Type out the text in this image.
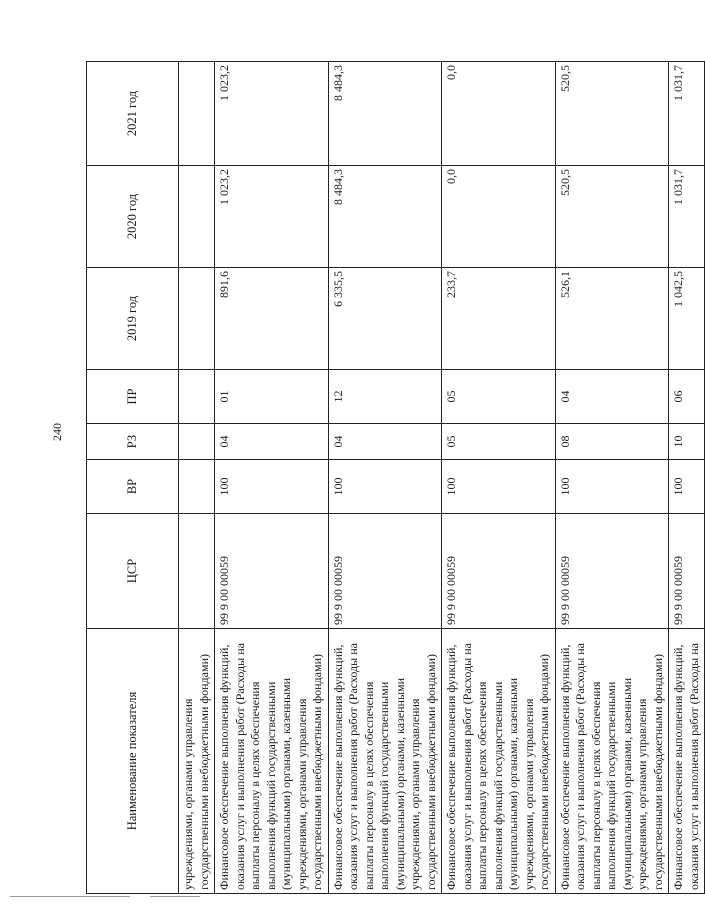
240
Наименование показателя	ЦСР	ВР	РЗ	ПР	2019 год	2020 год	2021 год
учреждениями, органами управления государственными внебюджетными фондами)							
Финансовое обеспечение выполнения функций, оказания услуг и выполнения работ (Расходы на выплаты персоналу в целях обеспечения выполнения функций государственными (муниципальными) органами, казенными учреждениями, органами управления государственными внебюджетными фондами)	99 9 00 00059	100	04	01	891,6	1 023,2	1 023,2
Финансовое обеспечение выполнения функций, оказания услуг и выполнения работ (Расходы на выплаты персоналу в целях обеспечения выполнения функций государственными (муниципальными) органами, казенными учреждениями, органами управления государственными внебюджетными фондами)	99 9 00 00059	100	04	12	6 335,5	8 484,3	8 484,3
Финансовое обеспечение выполнения функций, оказания услуг и выполнения работ (Расходы на выплаты персоналу в целях обеспечения выполнения функций государственными (муниципальными) органами, казенными учреждениями, органами управления государственными внебюджетными фондами)	99 9 00 00059	100	05	05	233,7	0,0	0,0
Финансовое обеспечение выполнения функций, оказания услуг и выполнения работ (Расходы на выплаты персоналу в целях обеспечения выполнения функций государственными (муниципальными) органами, казенными учреждениями, органами управления государственными внебюджетными фондами)	99 9 00 00059	100	08	04	526,1	520,5	520,5
Финансовое обеспечение выполнения функций, оказания услуг и выполнения работ (Расходы на	99 9 00 00059	100	10	06	1 042,5	1 031,7	1 031,7
